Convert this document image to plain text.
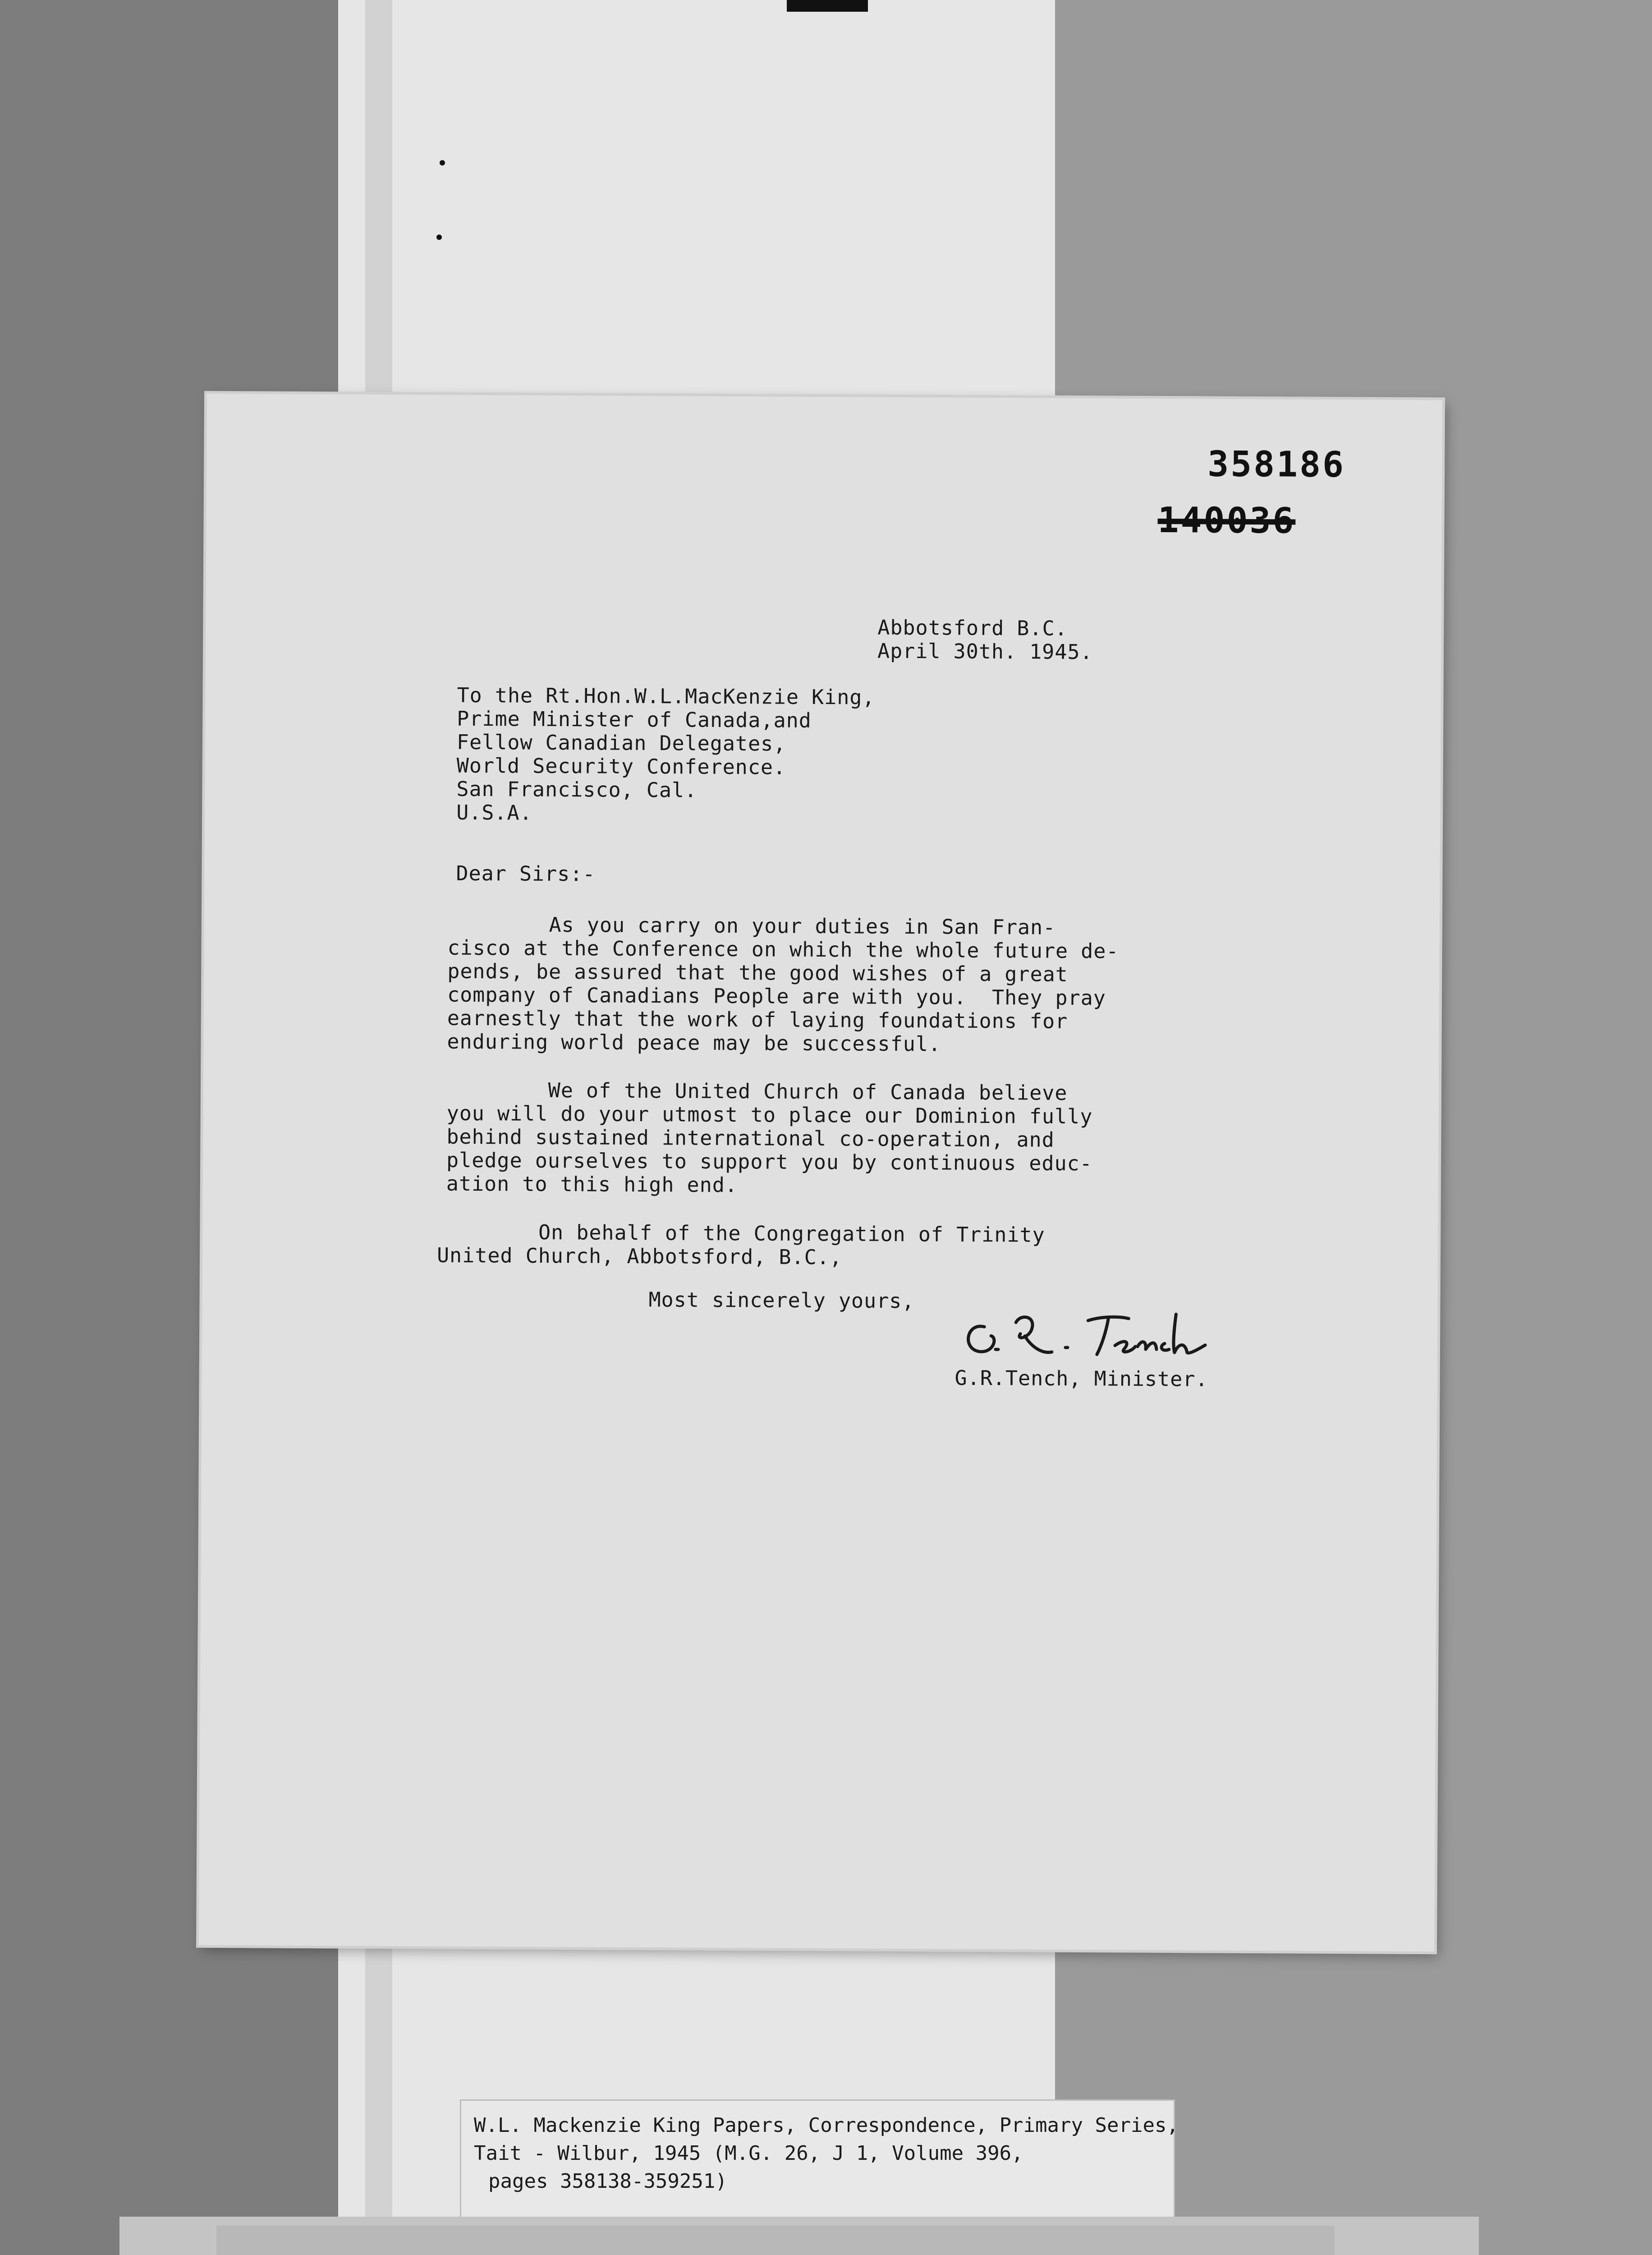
358186
140036
Abbotsford B.C.
April 30th. 1945.
To the Rt.Hon.W.L.MacKenzie King,
Prime Minister of Canada,and
Fellow Canadian Delegates,
World Security Conference.
San Francisco, Cal.
U.S.A.
Dear Sirs:-
As you carry on your duties in San Fran-
cisco at the Conference on which the whole future de-
pends, be assured that the good wishes of a great
company of Canadians People are with you.  They pray
earnestly that the work of laying foundations for
enduring world peace may be successful.
We of the United Church of Canada believe
you will do your utmost to place our Dominion fully
behind sustained international co-operation, and
pledge ourselves to support you by continuous educ-
ation to this high end.
On behalf of the Congregation of Trinity
United Church, Abbotsford, B.C.,
Most sincerely yours,
G.R.Tench, Minister.
W.L. Mackenzie King Papers, Correspondence, Primary Series,
Tait - Wilbur, 1945 (M.G. 26, J 1, Volume 396,
pages 358138-359251)
